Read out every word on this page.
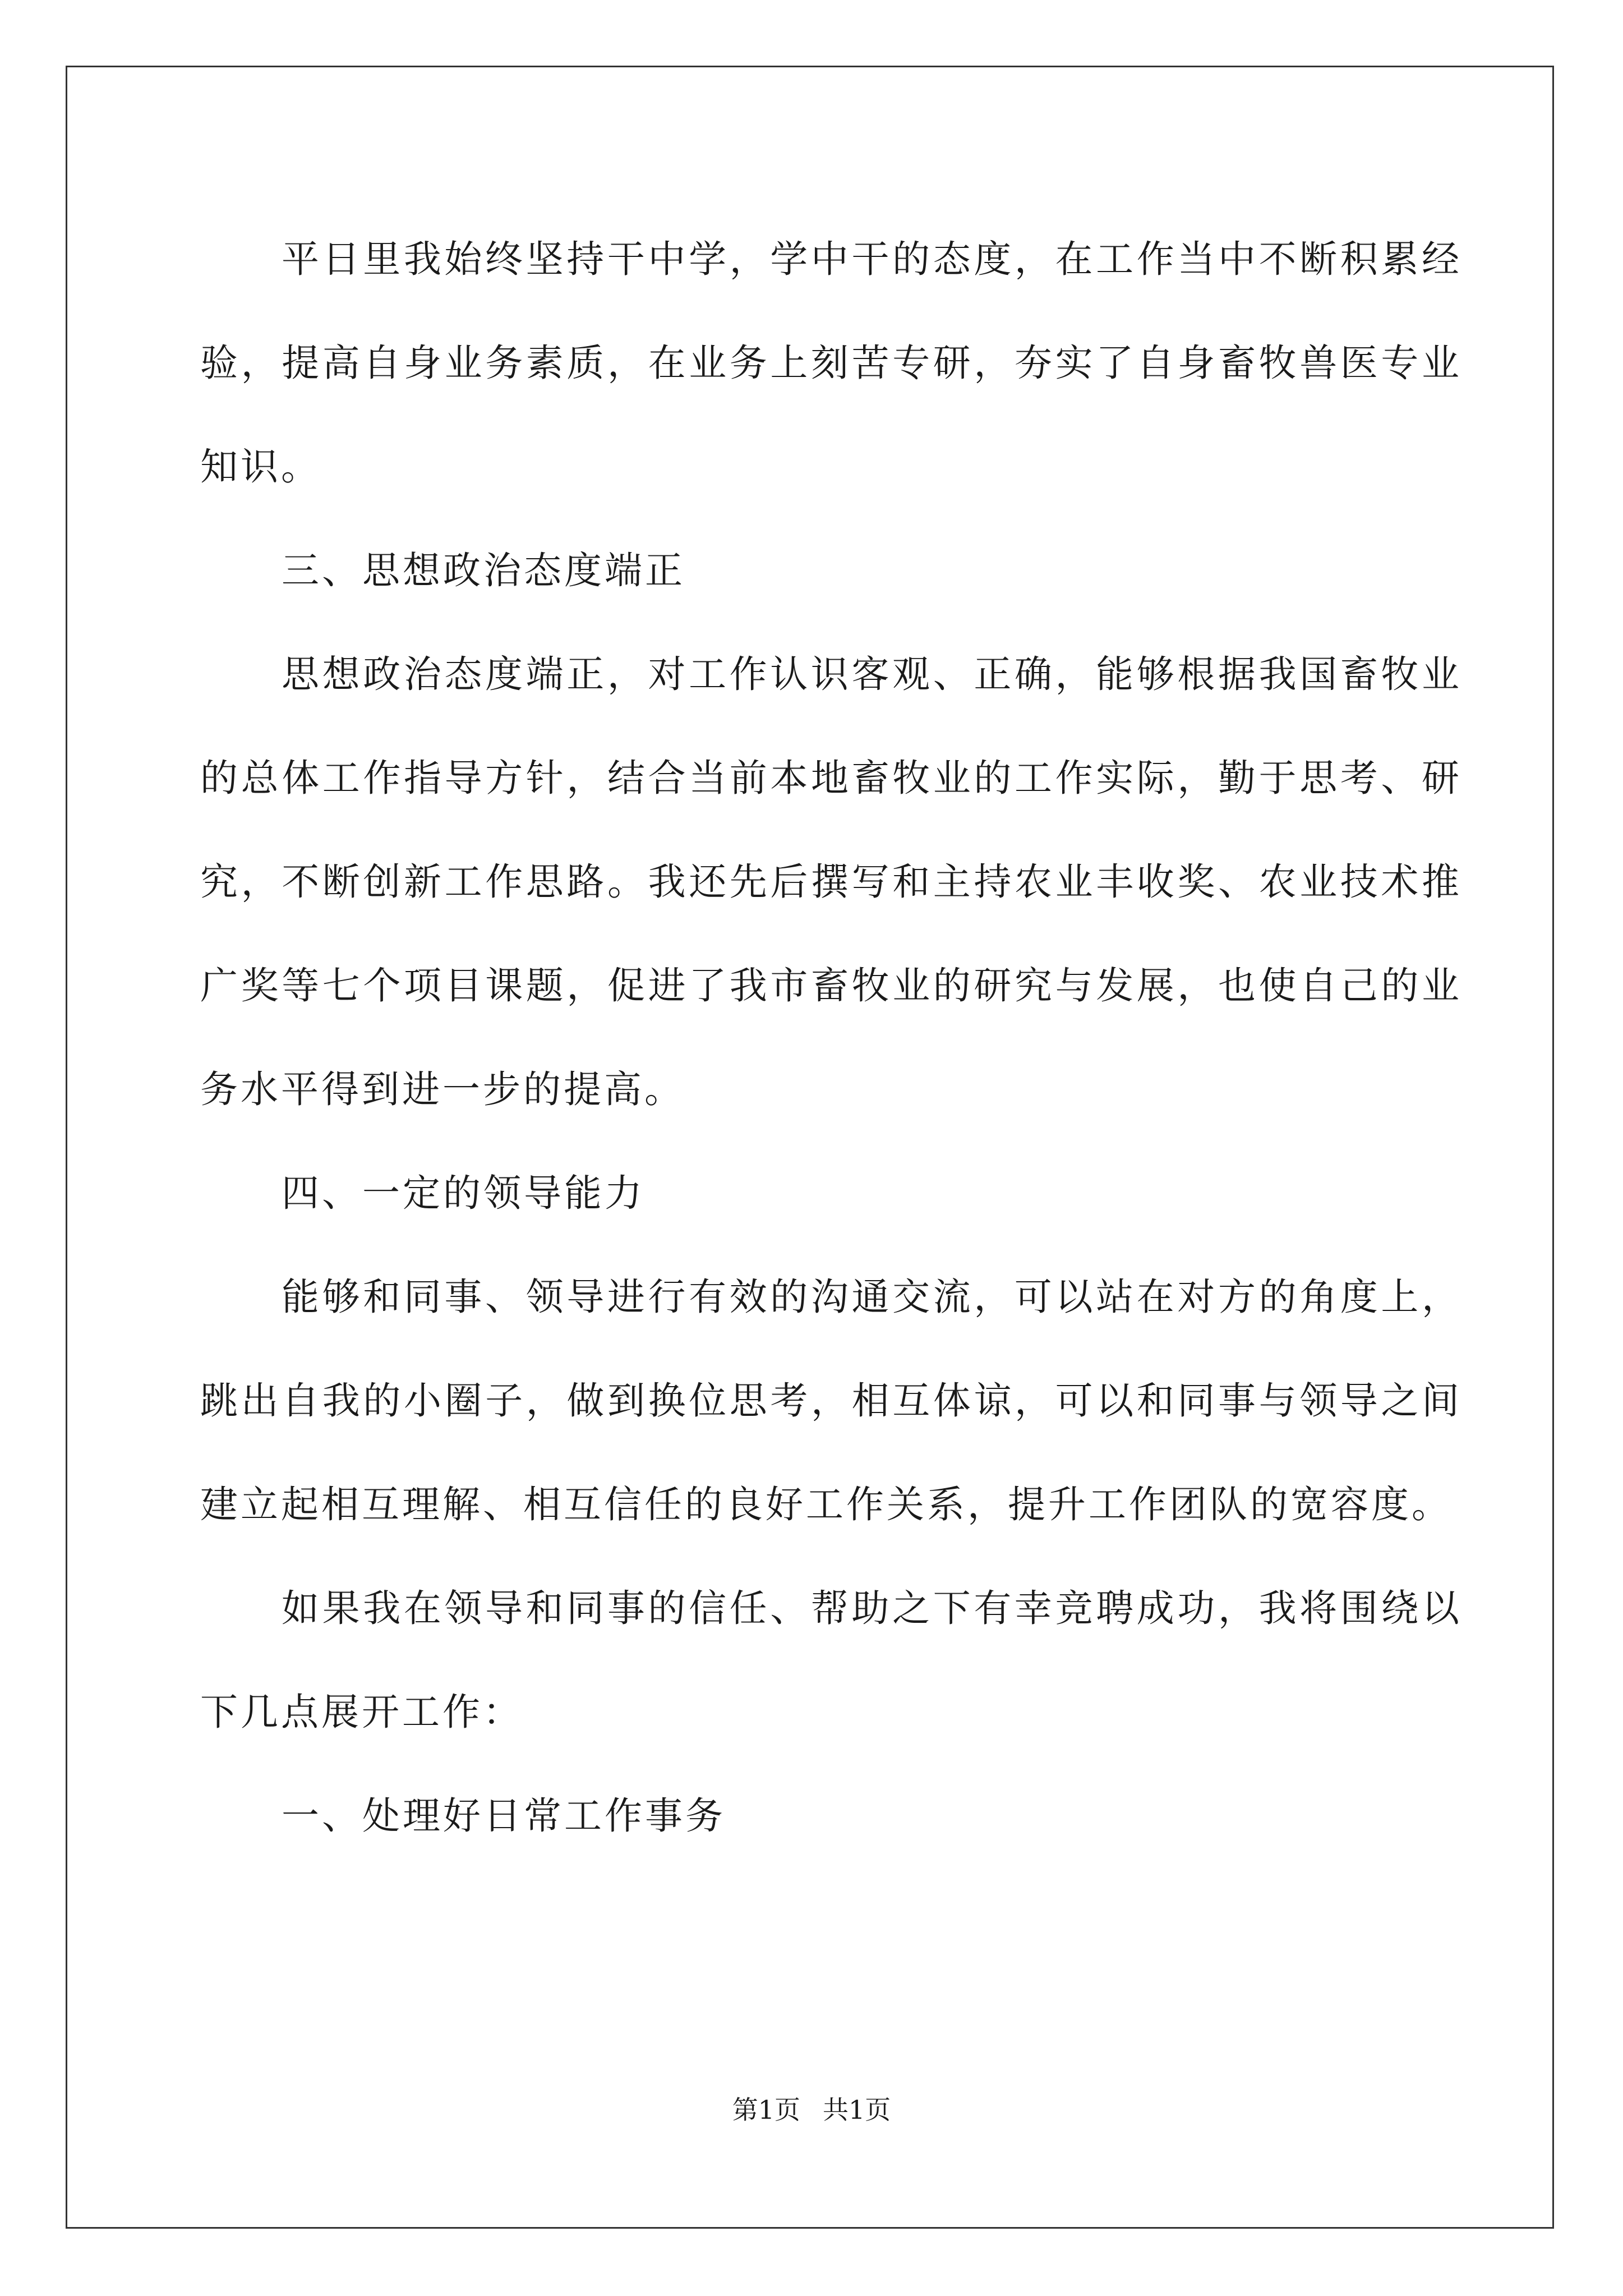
平日里我始终坚持干中学，学中干的态度，在工作当中不断积累经验，提高自身业务素质，在业务上刻苦专研，夯实了自身畜牧兽医专业知识。

三、思想政治态度端正

思想政治态度端正，对工作认识客观、正确，能够根据我国畜牧业的总体工作指导方针，结合当前本地畜牧业的工作实际，勤于思考、研究，不断创新工作思路。我还先后撰写和主持农业丰收奖、农业技术推广奖等七个项目课题，促进了我市畜牧业的研究与发展，也使自己的业务水平得到进一步的提高。

四、一定的领导能力

能够和同事、领导进行有效的沟通交流，可以站在对方的角度上，跳出自我的小圈子，做到换位思考，相互体谅，可以和同事与领导之间建立起相互理解、相互信任的良好工作关系，提升工作团队的宽容度。

如果我在领导和同事的信任、帮助之下有幸竞聘成功，我将围绕以下几点展开工作：

一、处理好日常工作事务

第1页 共1页
